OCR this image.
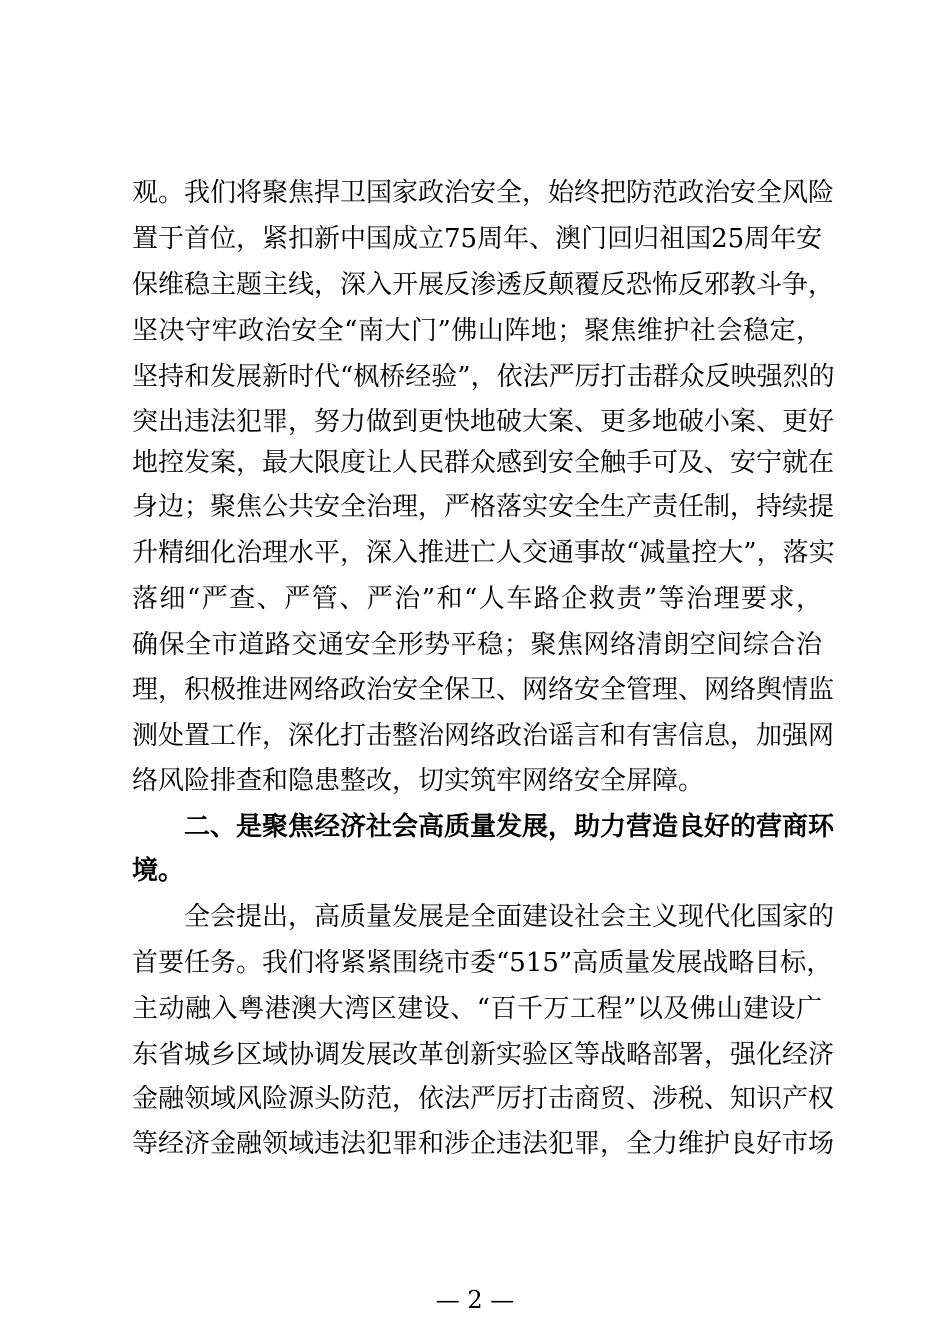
观。我们将聚焦捍卫国家政治安全，始终把防范政治安全风险
置于首位，紧扣新中国成立75周年、澳门回归祖国25周年安
保维稳主题主线，深入开展反渗透反颠覆反恐怖反邪教斗争，
坚决守牢政治安全“南大门”佛山阵地；聚焦维护社会稳定，
坚持和发展新时代“枫桥经验”，依法严厉打击群众反映强烈的
突出违法犯罪，努力做到更快地破大案、更多地破小案、更好
地控发案，最大限度让人民群众感到安全触手可及、安宁就在
身边；聚焦公共安全治理，严格落实安全生产责任制，持续提
升精细化治理水平，深入推进亡人交通事故“减量控大”，落实
落细“严查、严管、严治”和“人车路企救责”等治理要求，
确保全市道路交通安全形势平稳；聚焦网络清朗空间综合治
理，积极推进网络政治安全保卫、网络安全管理、网络舆情监
测处置工作，深化打击整治网络政治谣言和有害信息，加强网
络风险排查和隐患整改，切实筑牢网络安全屏障。
二、是聚焦经济社会高质量发展，助力营造良好的营商环
境。
全会提出，高质量发展是全面建设社会主义现代化国家的
首要任务。我们将紧紧围绕市委“515”高质量发展战略目标，
主动融入粤港澳大湾区建设、“百千万工程”以及佛山建设广
东省城乡区域协调发展改革创新实验区等战略部署，强化经济
金融领域风险源头防范，依法严厉打击商贸、涉税、知识产权
等经济金融领域违法犯罪和涉企违法犯罪，全力维护良好市场
— 2 —
